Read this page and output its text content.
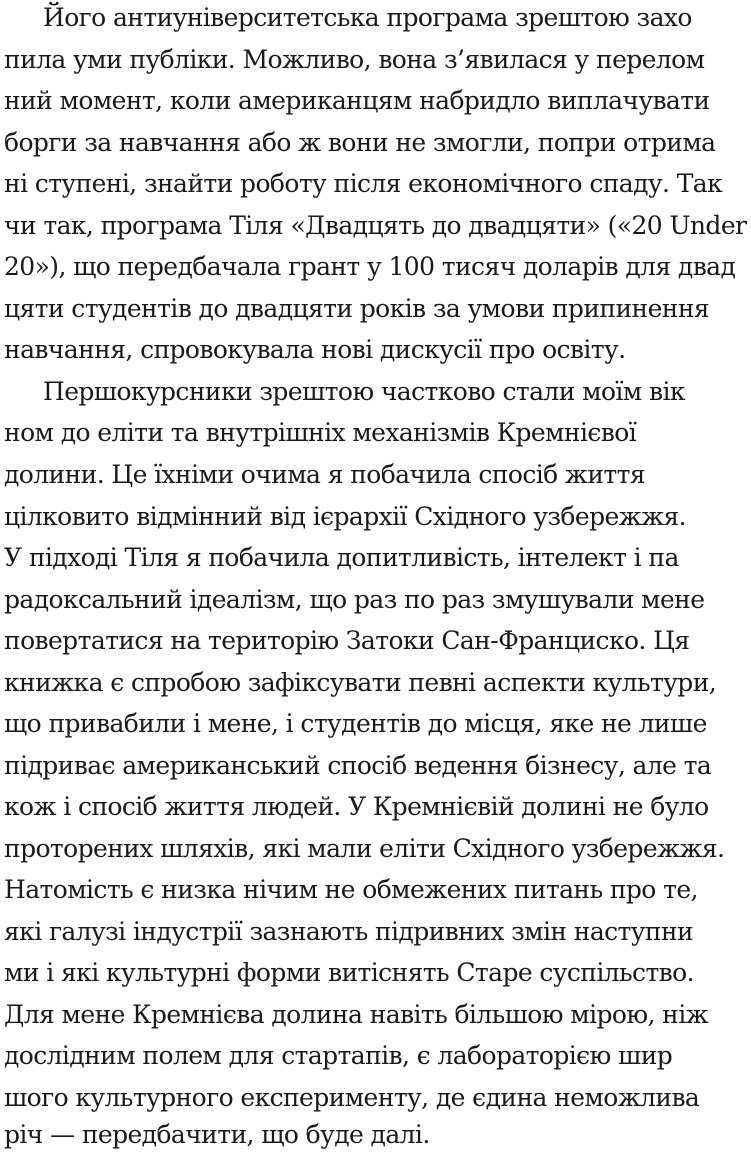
Його антиуніверситетська програма зрештою захо
пила уми публіки. Можливо, вона з’явилася у перелом
ний момент, коли американцям набридло виплачувати
борги за навчання або ж вони не змогли, попри отрима
ні ступені, знайти роботу після економічного спаду. Так
чи так, програма Тіля «Двадцять до двадцяти» («20 Under
20»), що передбачала грант у 100 тисяч доларів для двад
цяти студентів до двадцяти років за умови припинення
навчання, спровокувала нові дискусії про освіту.
Першокурсники зрештою частково стали моїм вік
ном до еліти та внутрішніх механізмів Кремнієвої
долини. Це їхніми очима я побачила спосіб життя
цілковито відмінний від ієрархії Східного узбережжя.
У підході Тіля я побачила допитливість, інтелект і па
радоксальний ідеалізм, що раз по раз змушували мене
повертатися на територію Затоки Сан-Франциско. Ця
книжка є спробою зафіксувати певні аспекти культури,
що привабили і мене, і студентів до місця, яке не лише
підриває американський спосіб ведення бізнесу, але та
кож і спосіб життя людей. У Кремнієвій долині не було
проторених шляхів, які мали еліти Східного узбережжя.
Натомість є низка нічим не обмежених питань про те,
які галузі індустрії зазнають підривних змін наступни
ми і які культурні форми витіснять Старе суспільство.
Для мене Кремнієва долина навіть більшою мірою, ніж
дослідним полем для стартапів, є лабораторією шир
шого культурного експерименту, де єдина неможлива
річ — передбачити, що буде далі.
